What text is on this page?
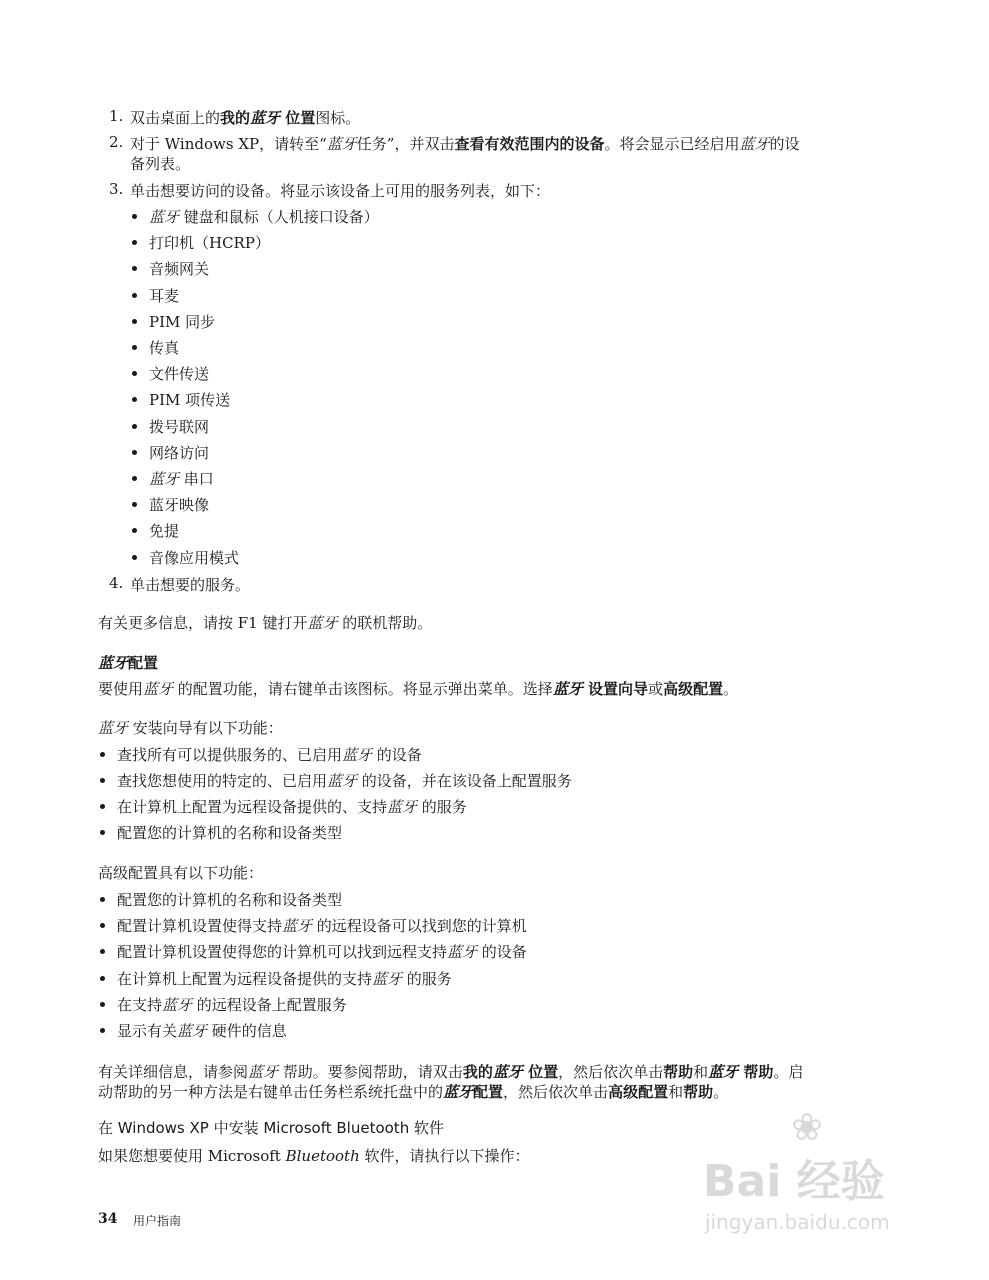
1. 双击桌面上的我的蓝牙 位置图标。
2. 对于 Windows XP，请转至“蓝牙任务”，并双击查看有效范围内的设备。将会显示已经启用蓝牙的设
备列表。
3. 单击想要访问的设备。将显示该设备上可用的服务列表，如下：
蓝牙 键盘和鼠标（人机接口设备）
打印机（HCRP）
音频网关
耳麦
PIM 同步
传真
文件传送
PIM 项传送
拨号联网
网络访问
蓝牙 串口
蓝牙映像
免提
音像应用模式
4. 单击想要的服务。
有关更多信息，请按 F1 键打开蓝牙 的联机帮助。
蓝牙配置
要使用蓝牙 的配置功能，请右键单击该图标。将显示弹出菜单。选择蓝牙 设置向导或高级配置。
蓝牙 安装向导有以下功能：
查找所有可以提供服务的、已启用蓝牙 的设备
查找您想使用的特定的、已启用蓝牙 的设备，并在该设备上配置服务
在计算机上配置为远程设备提供的、支持蓝牙 的服务
配置您的计算机的名称和设备类型
高级配置具有以下功能：
配置您的计算机的名称和设备类型
配置计算机设置使得支持蓝牙 的远程设备可以找到您的计算机
配置计算机设置使得您的计算机可以找到远程支持蓝牙 的设备
在计算机上配置为远程设备提供的支持蓝牙 的服务
在支持蓝牙 的远程设备上配置服务
显示有关蓝牙 硬件的信息
有关详细信息，请参阅蓝牙 帮助。要参阅帮助，请双击我的蓝牙 位置，然后依次单击帮助和蓝牙 帮助。启
动帮助的另一种方法是右键单击任务栏系统托盘中的蓝牙配置，然后依次单击高级配置和帮助。
在 Windows XP 中安装 Microsoft Bluetooth 软件
如果您想要使用 Microsoft Bluetooth 软件，请执行以下操作：
34 用户指南
❀
Bai 经验
jingyan.baidu.com
